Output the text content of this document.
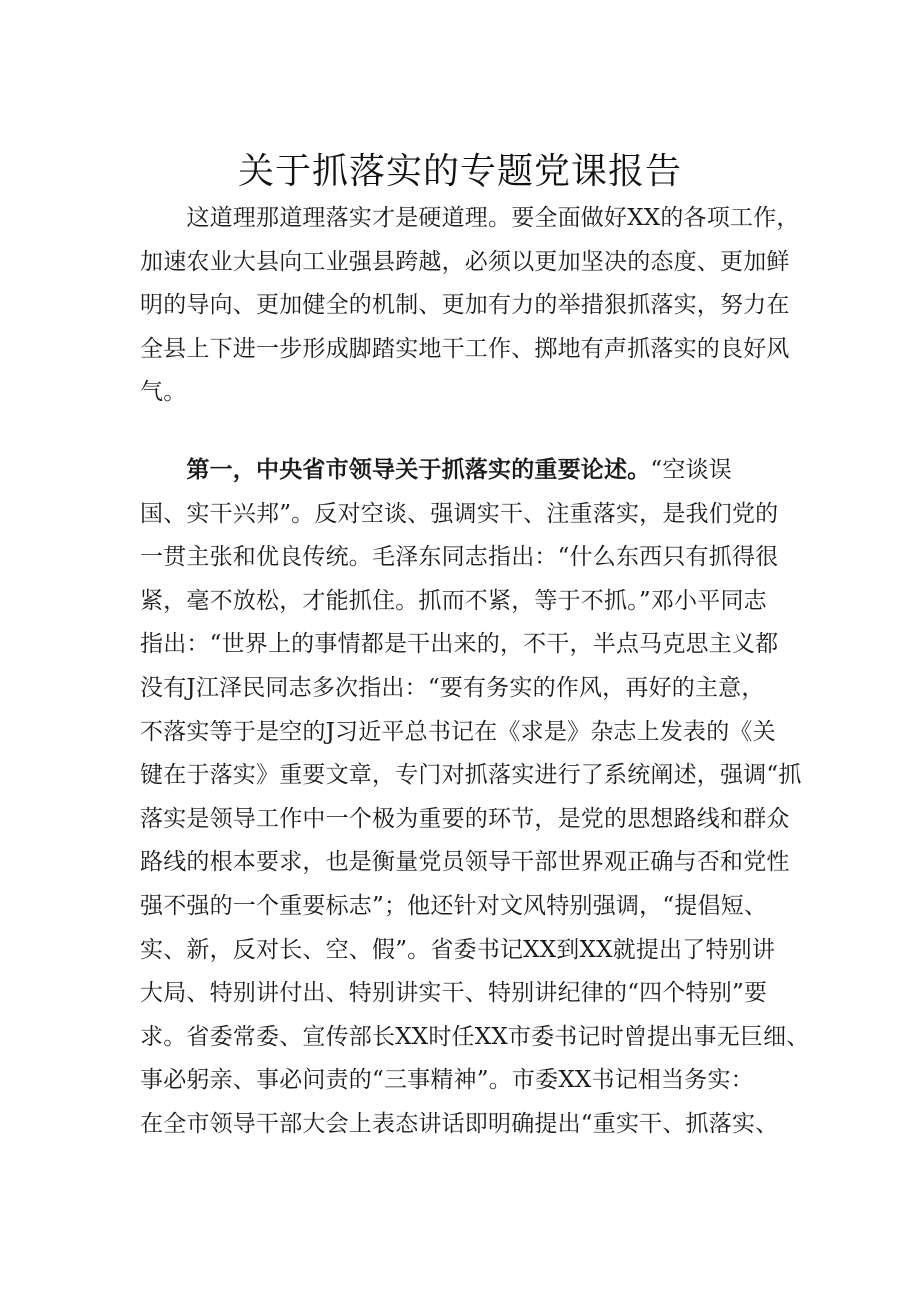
关于抓落实的专题党课报告
　　这道理那道理落实才是硬道理。要全面做好XX的各项工作，
加速农业大县向工业强县跨越，必须以更加坚决的态度、更加鲜
明的导向、更加健全的机制、更加有力的举措狠抓落实，努力在
全县上下进一步形成脚踏实地干工作、掷地有声抓落实的良好风
气。
　　第一，中央省市领导关于抓落实的重要论述。“空谈误
国、实干兴邦”。反对空谈、强调实干、注重落实，是我们党的
一贯主张和优良传统。毛泽东同志指出：“什么东西只有抓得很
紧，毫不放松，才能抓住。抓而不紧，等于不抓。”邓小平同志
指出：“世界上的事情都是干出来的，不干，半点马克思主义都
没有J江泽民同志多次指出：“要有务实的作风，再好的主意，
不落实等于是空的J习近平总书记在《求是》杂志上发表的《关
键在于落实》重要文章，专门对抓落实进行了系统阐述，强调“抓
落实是领导工作中一个极为重要的环节，是党的思想路线和群众
路线的根本要求，也是衡量党员领导干部世界观正确与否和党性
强不强的一个重要标志”；他还针对文风特别强调，“提倡短、
实、新，反对长、空、假”。省委书记XX到XX就提出了特别讲
大局、特别讲付出、特别讲实干、特别讲纪律的“四个特别”要
求。省委常委、宣传部长XX时任XX市委书记时曾提出事无巨细、
事必躬亲、事必问责的“三事精神”。市委XX书记相当务实：
在全市领导干部大会上表态讲话即明确提出“重实干、抓落实、
